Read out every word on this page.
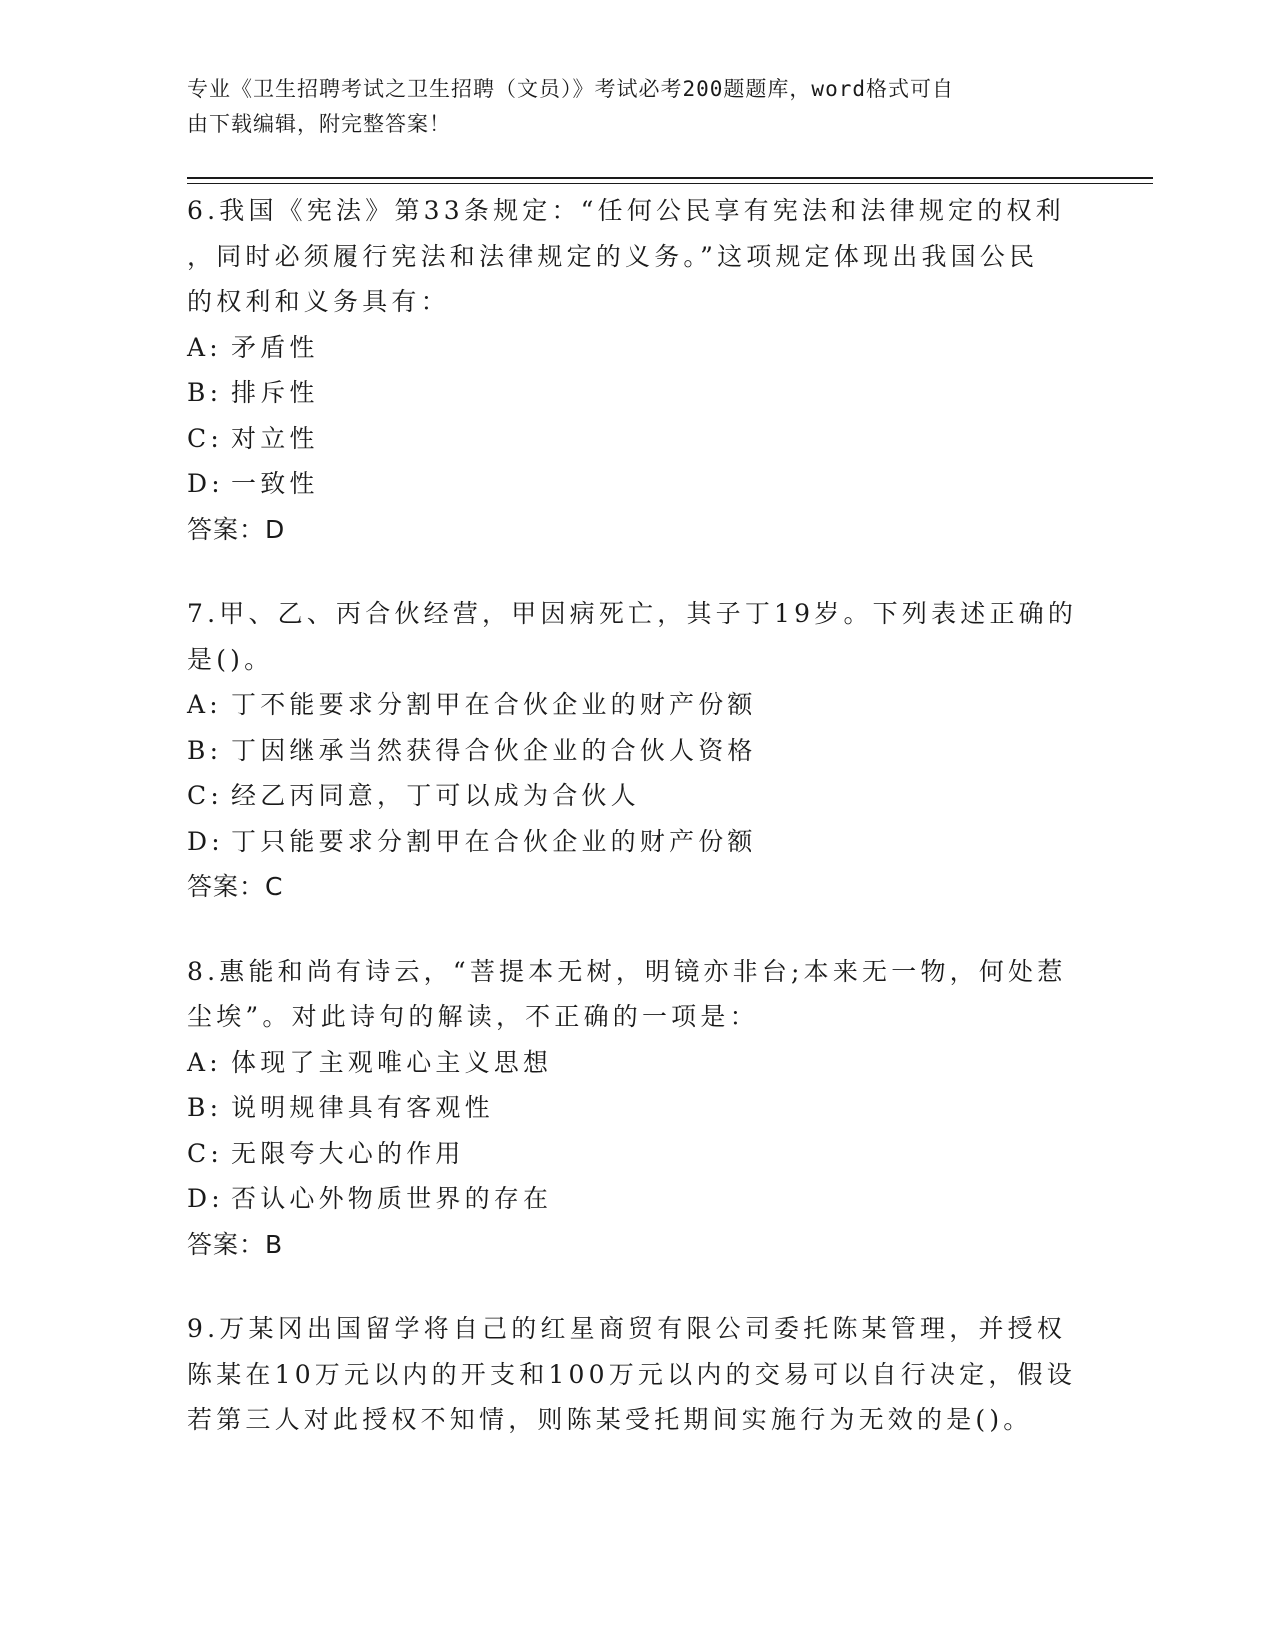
专业《卫生招聘考试之卫生招聘（文员）》考试必考200题题库，word格式可自
由下载编辑，附完整答案！

6.我国《宪法》第33条规定：“任何公民享有宪法和法律规定的权利

，同时必须履行宪法和法律规定的义务。”这项规定体现出我国公民

的权利和义务具有：

A: 矛盾性

B: 排斥性

C: 对立性

D: 一致性

答案：D

7.甲、乙、丙合伙经营，甲因病死亡，其子丁19岁。下列表述正确的

是()。

A: 丁不能要求分割甲在合伙企业的财产份额

B: 丁因继承当然获得合伙企业的合伙人资格

C: 经乙丙同意，丁可以成为合伙人

D: 丁只能要求分割甲在合伙企业的财产份额

答案：C

8.惠能和尚有诗云，“菩提本无树，明镜亦非台;本来无一物，何处惹

尘埃”。对此诗句的解读，不正确的一项是：

A: 体现了主观唯心主义思想

B: 说明规律具有客观性

C: 无限夸大心的作用

D: 否认心外物质世界的存在

答案：B

9.万某冈出国留学将自己的红星商贸有限公司委托陈某管理，并授权

陈某在10万元以内的开支和100万元以内的交易可以自行决定，假设

若第三人对此授权不知情，则陈某受托期间实施行为无效的是()。
